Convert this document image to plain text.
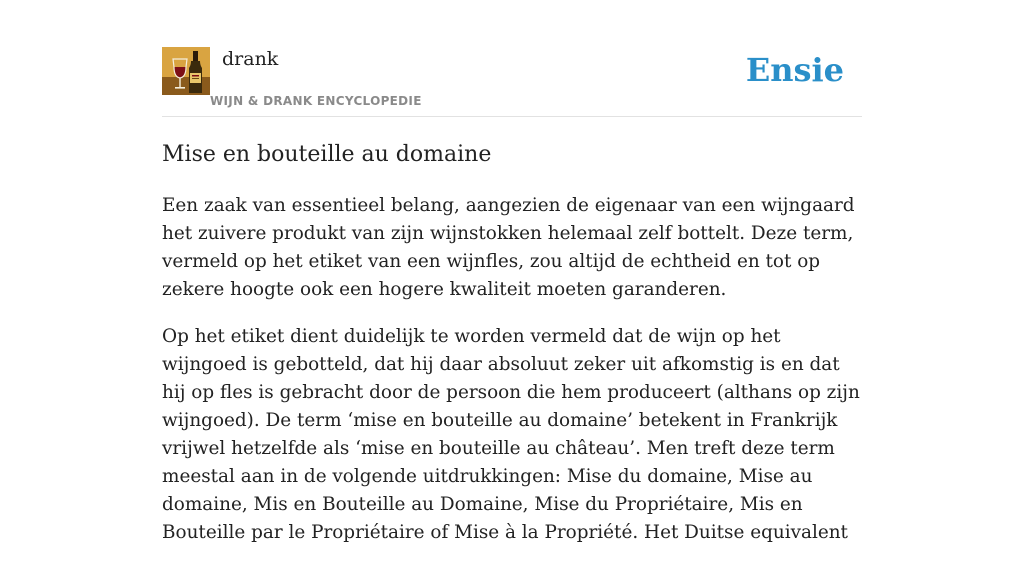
drank
WIJN & DRANK ENCYCLOPEDIE
Ensie
Mise en bouteille au domaine

Een zaak van essentieel belang, aangezien de eigenaar van een wijngaard het zuivere produkt van zijn wijnstokken helemaal zelf bottelt. Deze term, vermeld op het etiket van een wijnfles, zou altijd de echtheid en tot op zekere hoogte ook een hogere kwaliteit moeten garanderen.

Op het etiket dient duidelijk te worden vermeld dat de wijn op het wijngoed is gebotteld, dat hij daar absoluut zeker uit afkomstig is en dat hij op fles is gebracht door de persoon die hem produceert (althans op zijn wijngoed). De term ‘mise en bouteille au domaine’ betekent in Frankrijk vrijwel hetzelfde als ‘mise en bouteille au château’. Men treft deze term meestal aan in de volgende uitdrukkingen: Mise du domaine, Mise au domaine, Mis en Bouteille au Domaine, Mise du Propriétaire, Mis en Bouteille par le Propriétaire of Mise à la Propriété. Het Duitse equivalent
